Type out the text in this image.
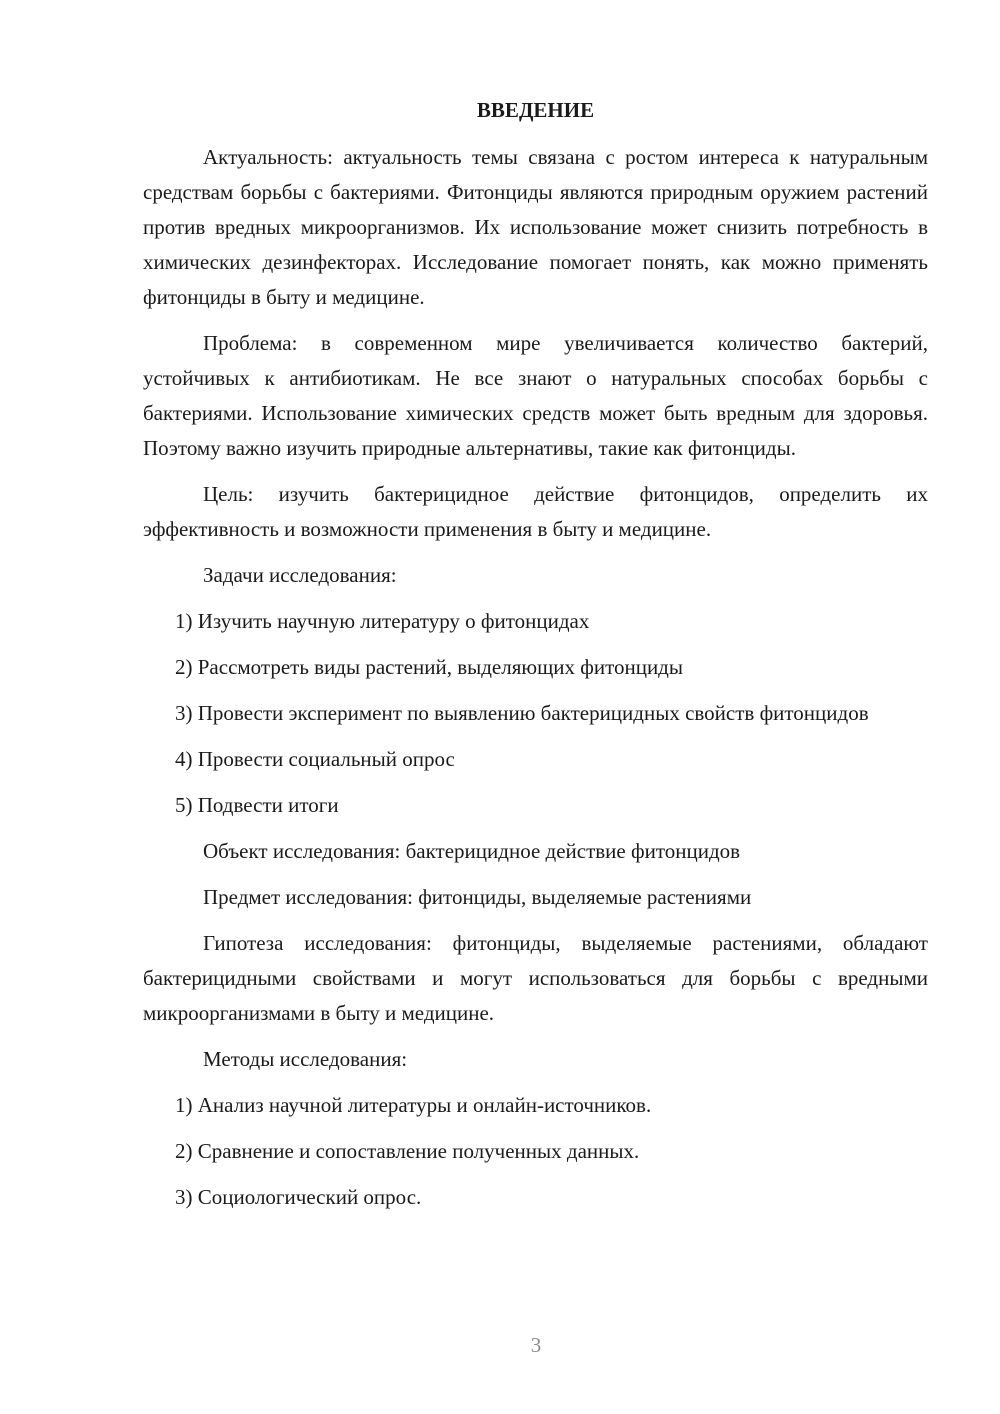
ВВЕДЕНИЕ

Актуальность: актуальность темы связана с ростом интереса к натуральным средствам борьбы с бактериями. Фитонциды являются природным оружием растений против вредных микроорганизмов. Их использование может снизить потребность в химических дезинфекторах. Исследование помогает понять, как можно применять фитонциды в быту и медицине.

Проблема: в современном мире увеличивается количество бактерий, устойчивых к антибиотикам. Не все знают о натуральных способах борьбы с бактериями. Использование химических средств может быть вредным для здоровья. Поэтому важно изучить природные альтернативы, такие как фитонциды.

Цель: изучить бактерицидное действие фитонцидов, определить их эффективность и возможности применения в быту и медицине.

Задачи исследования:
1) Изучить научную литературу о фитонцидах
2) Рассмотреть виды растений, выделяющих фитонциды
3) Провести эксперимент по выявлению бактерицидных свойств фитонцидов
4) Провести социальный опрос
5) Подвести итоги
Объект исследования: бактерицидное действие фитонцидов
Предмет исследования: фитонциды, выделяемые растениями

Гипотеза исследования: фитонциды, выделяемые растениями, обладают бактерицидными свойствами и могут использоваться для борьбы с вредными микроорганизмами в быту и медицине.

Методы исследования:
1) Анализ научной литературы и онлайн-источников.
2) Сравнение и сопоставление полученных данных.
3) Социологический опрос.
3
